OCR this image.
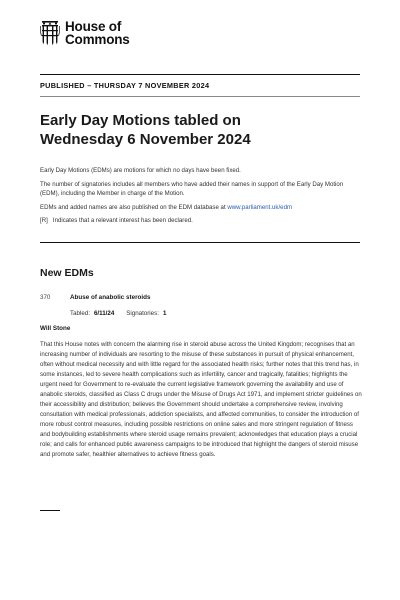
House of
Commons
PUBLISHED – THURSDAY 7 NOVEMBER 2024
Early Day Motions tabled on
Wednesday 6 November 2024

Early Day Motions (EDMs) are motions for which no days have been fixed.

The number of signatories includes all members who have added their names in support of the Early Day Motion (EDM), including the Member in charge of the Motion.

EDMs and added names are also published on the EDM database at www.parliament.uk/edm

[R] Indicates that a relevant interest has been declared.

New EDMs
370	Abuse of anabolic steroids
Tabled: 6/11/24 Signatories: 1
Will Stone

That this House notes with concern the alarming rise in steroid abuse across the United Kingdom; recognises that an increasing number of individuals are resorting to the misuse of these substances in pursuit of physical enhancement, often without medical necessity and with little regard for the associated health risks; further notes that this trend has, in some instances, led to severe health complications such as infertility, cancer and tragically, fatalities; highlights the urgent need for Government to re-evaluate the current legislative framework governing the availability and use of anabolic steroids, classified as Class C drugs under the Misuse of Drugs Act 1971, and implement stricter guidelines on their accessibility and distribution; believes the Government should undertake a comprehensive review, involving consultation with medical professionals, addiction specialists, and affected communities, to consider the introduction of more robust control measures, including possible restrictions on online sales and more stringent regulation of fitness and bodybuilding establishments where steroid usage remains prevalent; acknowledges that education plays a crucial role; and calls for enhanced public awareness campaigns to be introduced that highlight the dangers of steroid misuse and promote safer, healthier alternatives to achieve fitness goals.
